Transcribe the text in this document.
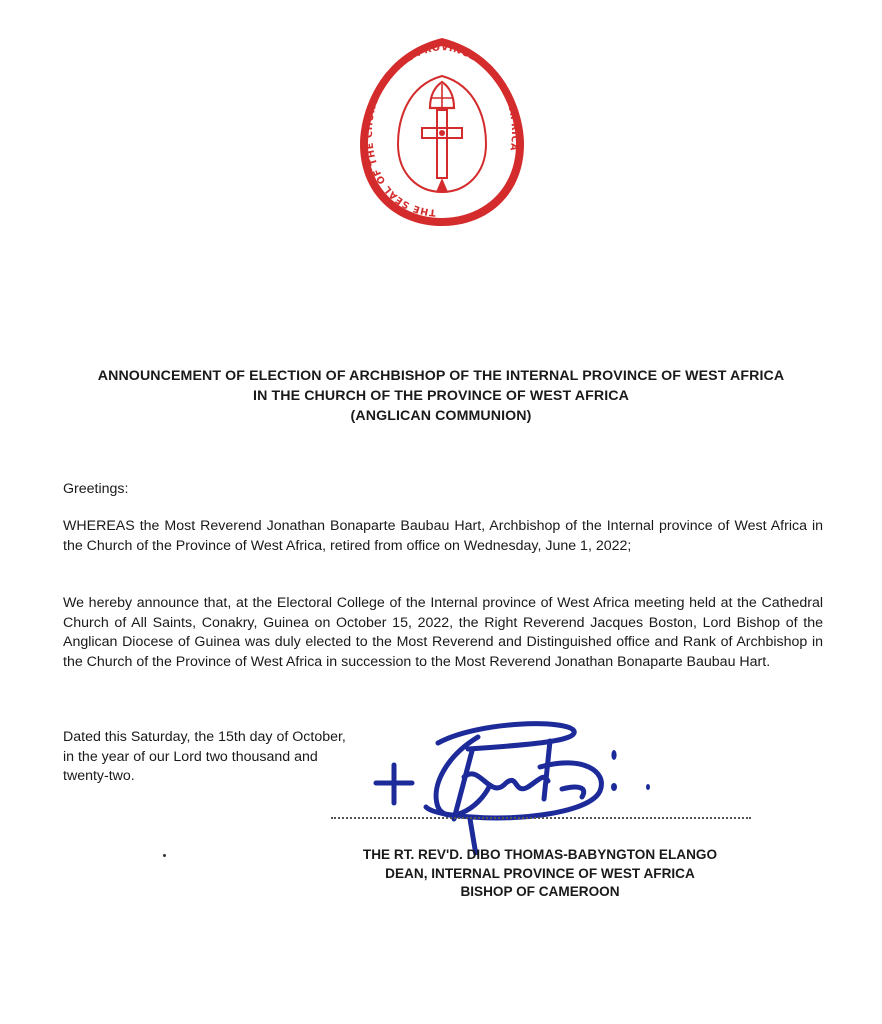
THE SEAL OF THE CHURCH OF THE PROVINCE OF WEST AFRICA
ANNOUNCEMENT OF ELECTION OF ARCHBISHOP OF THE INTERNAL PROVINCE OF WEST AFRICA
IN THE CHURCH OF THE PROVINCE OF WEST AFRICA
(ANGLICAN COMMUNION)

Greetings:

WHEREAS the Most Reverend Jonathan Bonaparte Baubau Hart, Archbishop of the Internal province of West Africa in the Church of the Province of West Africa, retired from office on Wednesday, June 1, 2022;

We hereby announce that, at the Electoral College of the Internal province of West Africa meeting held at the Cathedral Church of All Saints, Conakry, Guinea on October 15, 2022, the Right Reverend Jacques Boston, Lord Bishop of the Anglican Diocese of Guinea was duly elected to the Most Reverend and Distinguished office and Rank of Archbishop in the Church of the Province of West Africa in succession to the Most Reverend Jonathan Bonaparte Baubau Hart.

Dated this Saturday, the 15th day of October,
in the year of our Lord two thousand and
twenty-two.
THE RT. REV'D. DIBO THOMAS-BABYNGTON ELANGO
DEAN, INTERNAL PROVINCE OF WEST AFRICA
BISHOP OF CAMEROON
